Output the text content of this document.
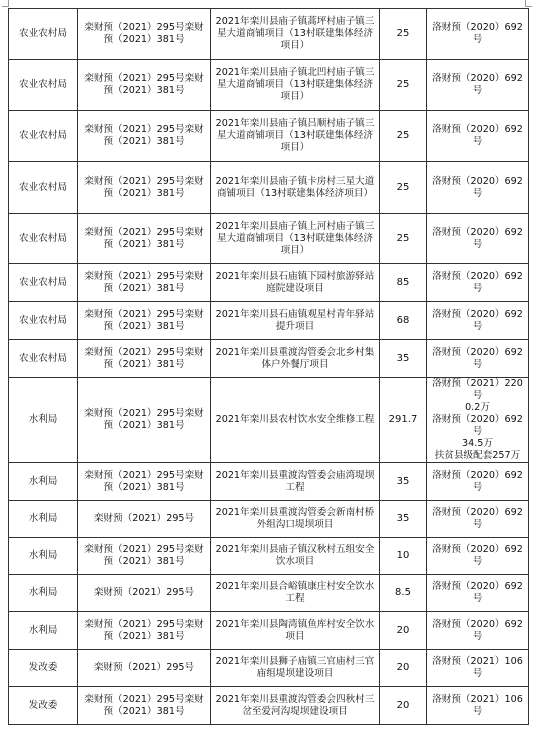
农业农村局	栾财预（2021）295号栾财预（2021）381号	2021年栾川县庙子镇蒿坪村庙子镇三星大道商铺项目（13村联建集体经济项目）	25	洛财预（2020）692号

农业农村局	栾财预（2021）295号栾财预（2021）381号	2021年栾川县庙子镇北凹村庙子镇三星大道商铺项目（13村联建集体经济项目）	25	洛财预（2020）692号

农业农村局	栾财预（2021）295号栾财预（2021）381号	2021年栾川县庙子镇吕顺村庙子镇三星大道商铺项目（13村联建集体经济项目）	25	洛财预（2020）692号

农业农村局	栾财预（2021）295号栾财预（2021）381号	2021年栾川县庙子镇卡房村三星大道商铺项目（13村联建集体经济项目）	25	洛财预（2020）692号

农业农村局	栾财预（2021）295号栾财预（2021）381号	2021年栾川县庙子镇上河村庙子镇三星大道商铺项目（13村联建集体经济项目）	25	洛财预（2020）692号

农业农村局	栾财预（2021）295号栾财预（2021）381号	2021年栾川县石庙镇下园村旅游驿站庭院建设项目	85	洛财预（2020）692号

农业农村局	栾财预（2021）295号栾财预（2021）381号	2021年栾川县石庙镇观星村青年驿站提升项目	68	洛财预（2020）692号

农业农村局	栾财预（2021）295号栾财预（2021）381号	2021年栾川县重渡沟管委会北乡村集体户外餐厅项目	35	洛财预（2020）692号

水利局	栾财预（2021）295号栾财预（2021）381号	2021年栾川县农村饮水安全维修工程	291.7	洛财预（2021）220号
0.2万
洛财预（2020）692号
34.5万
扶贫县级配套257万

水利局	栾财预（2021）295号栾财预（2021）381号	2021年栾川县重渡沟管委会庙湾堤坝工程	35	洛财预（2020）692号

水利局	栾财预（2021）295号	2021年栾川县重渡沟管委会新南村桥外组沟口堤坝项目	35	洛财预（2020）692号

水利局	栾财预（2021）295号栾财预（2021）381号	2021年栾川县庙子镇汉秋村五组安全饮水项目	10	洛财预（2020）692号

水利局	栾财预（2021）295号	2021年栾川县合峪镇康庄村安全饮水工程	8.5	洛财预（2020）692号

水利局	栾财预（2021）295号栾财预（2021）381号	2021年栾川县陶湾镇鱼库村安全饮水项目	20	洛财预（2020）692号

发改委	栾财预（2021）295号	2021年栾川县狮子庙镇三官庙村三官庙组堤坝建设项目	20	洛财预（2021）106号

发改委	栾财预（2021）295号栾财预（2021）381号	2021年栾川县重渡沟管委会四秋村三岔至爱河沟堤坝建设项目	20	洛财预（2021）106号
